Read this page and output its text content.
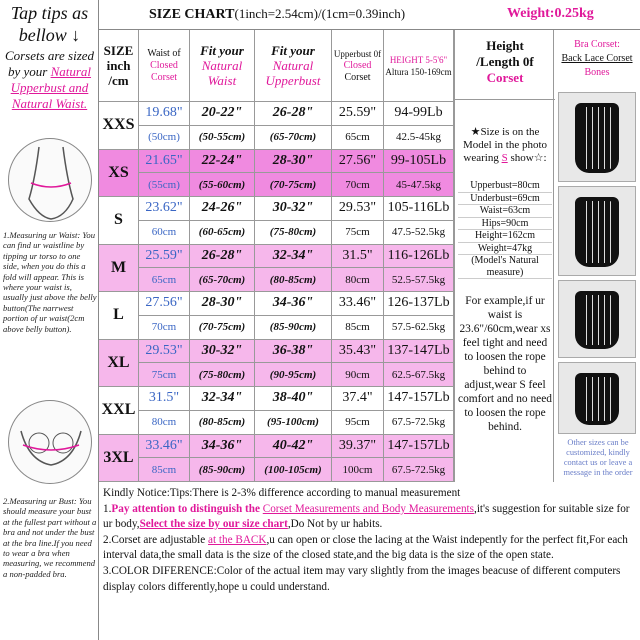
Tap tips as bellow ↓
Corsets are sized by your Natural Upperbust and Natural Waist.
1.Measuring ur Waist: You can find ur waistline by tipping ur torso to one side, when you do this a fold will appear. This is where your waist is, usually just above the belly button(The narrwest portion of ur waist(2cm above belly button).
2.Measuring ur Bust: You should measure your bust at the fullest part without a bra and not under the bust at the bra line.If you need to wear a bra when measuring, we recommend a non-padded bra.
SIZE CHART(1inch=2.54cm)/(1cm=0.39inch)	Weight:0.25kg
SIZE inch /cm
Waist of
Closed Corset
Fit your
Natural Waist
Fit your
Natural Upperbust
Upperbust 0f
Closed
Corset
HEIGHT 5-5'6"
Altura 150-169cm
XXS
19.68"
(50cm)
20-22"
(50-55cm)
26-28"
(65-70cm)
25.59"
65cm
94-99Lb
42.5-45kg
XS
21.65"
(55cm)
22-24"
(55-60cm)
28-30"
(70-75cm)
27.56"
70cm
99-105Lb
45-47.5kg
S
23.62"
60cm
24-26"
(60-65cm)
30-32"
(75-80cm)
29.53"
75cm
105-116Lb
47.5-52.5kg
M
25.59"
65cm
26-28"
(65-70cm)
32-34"
(80-85cm)
31.5"
80cm
116-126Lb
52.5-57.5kg
L
27.56"
70cm
28-30"
(70-75cm)
34-36"
(85-90cm)
33.46"
85cm
126-137Lb
57.5-62.5kg
XL
29.53"
75cm
30-32"
(75-80cm)
36-38"
(90-95cm)
35.43"
90cm
137-147Lb
62.5-67.5kg
XXL
31.5"
80cm
32-34"
(80-85cm)
38-40"
(95-100cm)
37.4"
95cm
147-157Lb
67.5-72.5kg
3XL
33.46"
85cm
34-36"
(85-90cm)
40-42"
(100-105cm)
39.37"
100cm
147-157Lb
67.5-72.5kg
Height
/Length 0f
Corset
★Size is on the Model in the photo wearing S show☆:
Upperbust=80cm
Underbust=69cm
Waist=63cm
Hips=90cm
Height=162cm
Weight=47kg
(Model's Natural measure)
For example,if ur waist is 23.6"/60cm,wear xs feel tight and need to loosen the rope behind to adjust,wear S feel comfort and no need to loosen the rope behind.
Bra Corset:
Back Lace Corset
Bones
Other sizes can be customized, kindly contact us or leave a message in the order

Kindly Notice:Tips:There is 2-3% difference according to manual measurement

1.Pay attention to distinguish the Corset Measurements and Body Measurements,it's suggestion for suitable size for ur body,Select the size by our size chart,Do Not by ur habits.

2.Corset are adjustable at the BACK,u can open or close the lacing at the Waist indepently for the perfect fit,For each interval data,the small data is the size of the closed state,and the big data is the size of the open state.

3.COLOR DIFERENCE:Color of the actual item may vary slightly from the images beacuse of different computers display colors differently,hope u could understand.
